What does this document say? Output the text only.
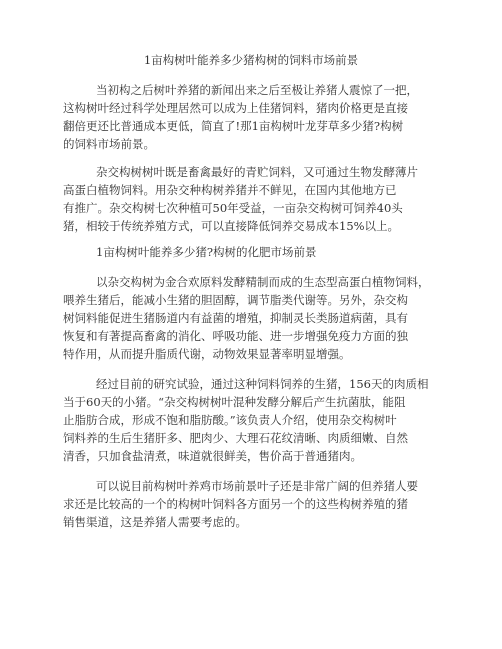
1亩构树叶能养多少猪构树的饲料市场前景
当初构之后树叶养猪的新闻出来之后至极让养猪人震惊了一把，
这构树叶经过科学处理居然可以成为上佳猪饲料，猪肉价格更是直接
翻倍更还比普通成本更低，简直了!那1亩构树叶龙芽草多少猪?构树
的饲料市场前景。
杂交构树树叶既是畜禽最好的青贮饲料，又可通过生物发酵薄片
高蛋白植物饲料。用杂交种构树养猪并不鲜见，在国内其他地方已
有推广。杂交构树七次种植可50年受益，一亩杂交构树可饲养40头
猪，相较于传统养殖方式，可以直接降低饲养交易成本15%以上。
1亩构树叶能养多少猪?构树的化肥市场前景
以杂交构树为金合欢原料发酵精制而成的生态型高蛋白植物饲料，
喂养生猪后，能减小生猪的胆固醇，调节脂类代谢等。另外，杂交构
树饲料能促进生猪肠道内有益菌的增殖，抑制灵长类肠道病菌，具有
恢复和有著提高畜禽的消化、呼吸功能、进一步增强免疫力方面的独
特作用，从而提升脂质代谢，动物效果显著率明显增强。
经过目前的研究试验，通过这种饲料饲养的生猪，156天的肉质相
当于60天的小猪。“杂交构树树叶混种发酵分解后产生抗菌肽，能阻
止脂肪合成，形成不饱和脂肪酸。”该负责人介绍，使用杂交构树叶
饲料养的生后生猪肝多、肥肉少、大理石花纹清晰、肉质细嫩、自然
清香，只加食盐清煮，味道就很鲜美，售价高于普通猪肉。
可以说目前构树叶养鸡市场前景叶子还是非常广阔的但养猪人要
求还是比较高的一个的构树叶饲料各方面另一个的这些构树养殖的猪
销售渠道，这是养猪人需要考虑的。
